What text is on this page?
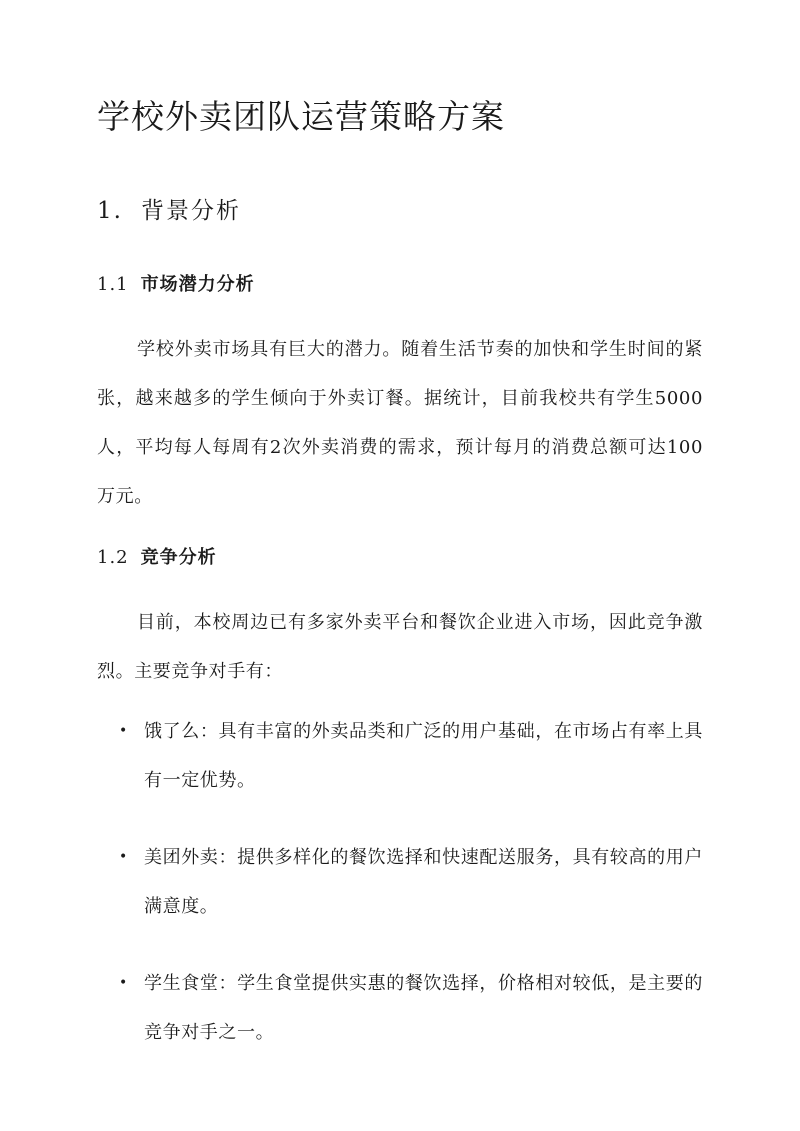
学校外卖团队运营策略方案
1. 背景分析
1.1 市场潜力分析

学校外卖市场具有巨大的潜力。随着生活节奏的加快和学生时间的紧张，越来越多的学生倾向于外卖订餐。据统计，目前我校共有学生5000人，平均每人每周有2次外卖消费的需求，预计每月的消费总额可达100万元。

1.2 竞争分析

目前，本校周边已有多家外卖平台和餐饮企业进入市场，因此竞争激烈。主要竞争对手有：

• 饿了么：具有丰富的外卖品类和广泛的用户基础，在市场占有率上具有一定优势。
• 美团外卖：提供多样化的餐饮选择和快速配送服务，具有较高的用户满意度。
• 学生食堂：学生食堂提供实惠的餐饮选择，价格相对较低，是主要的竞争对手之一。
